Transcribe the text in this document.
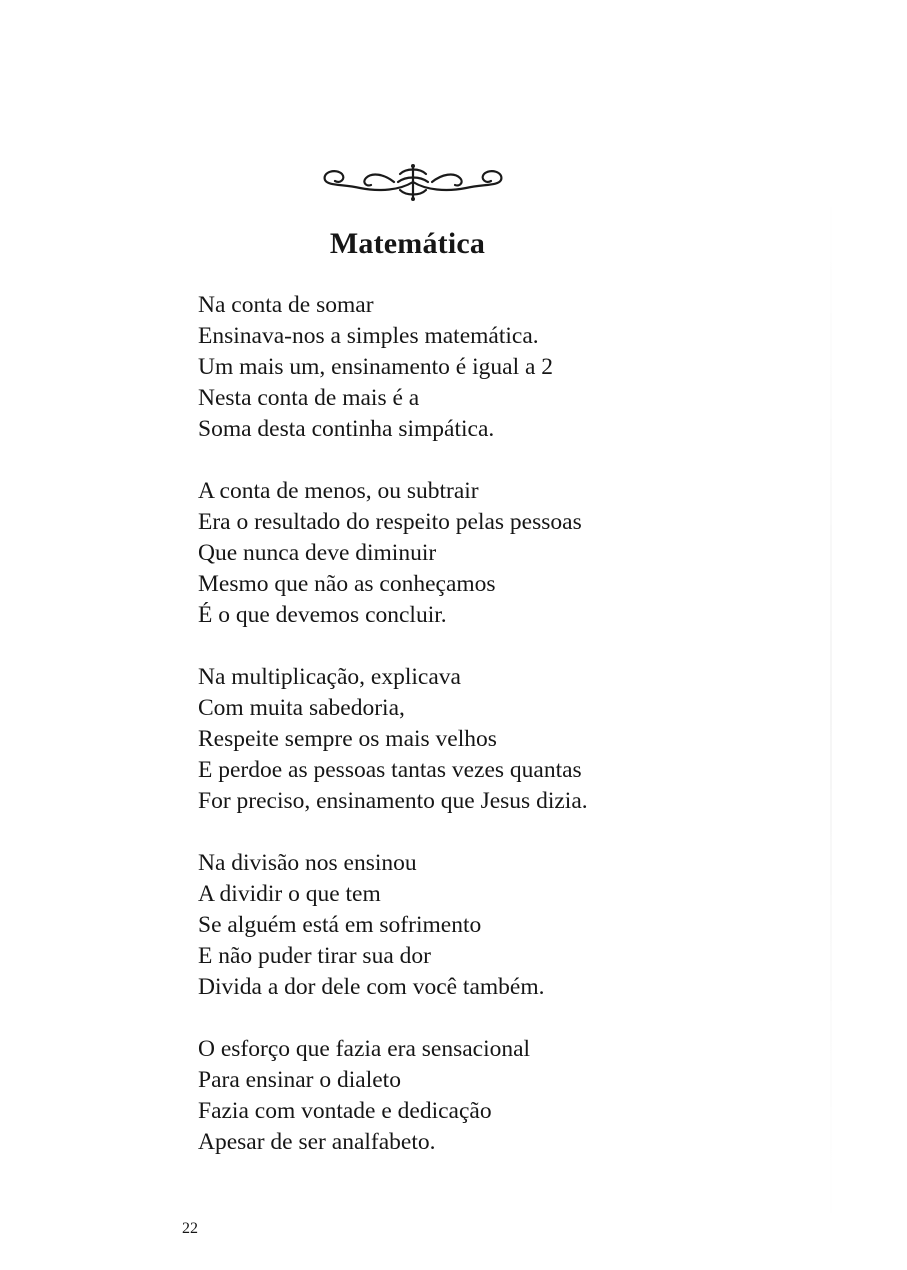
Matemática
Na conta de somar
Ensinava-nos a simples matemática.
Um mais um, ensinamento é igual a 2
Nesta conta de mais é a
Soma desta continha simpática.
A conta de menos, ou subtrair
Era o resultado do respeito pelas pessoas
Que nunca deve diminuir
Mesmo que não as conheçamos
É o que devemos concluir.
Na multiplicação, explicava
Com muita sabedoria,
Respeite sempre os mais velhos
E perdoe as pessoas tantas vezes quantas
For preciso, ensinamento que Jesus dizia.
Na divisão nos ensinou
A dividir o que tem
Se alguém está em sofrimento
E não puder tirar sua dor
Divida a dor dele com você também.
O esforço que fazia era sensacional
Para ensinar o dialeto
Fazia com vontade e dedicação
Apesar de ser analfabeto.
22
